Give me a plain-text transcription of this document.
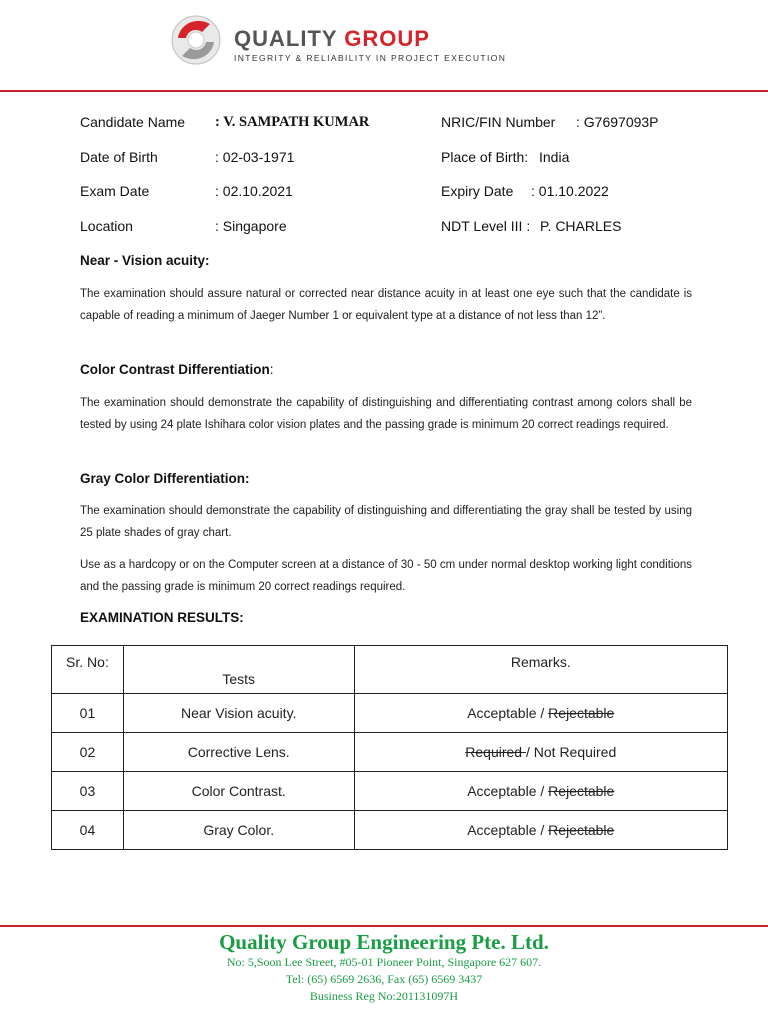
QUALITY GROUP
INTEGRITY & RELIABILITY IN PROJECT EXECUTION
Candidate Name : V. SAMPATH KUMAR	NRIC/FIN Number : G7697093P
Date of Birth	: 02-03-1971	Place of Birth: India
Exam Date	: 02.10.2021	Expiry Date : 01.10.2022
Location	: Singapore	NDT Level III : P. CHARLES
Near - Vision acuity:
The examination should assure natural or corrected near distance acuity in at least one eye such that the candidate is capable of reading a minimum of Jaeger Number 1 or equivalent type at a distance of not less than 12”.
Color Contrast Differentiation:
The examination should demonstrate the capability of distinguishing and differentiating contrast among colors shall be tested by using 24 plate Ishihara color vision plates and the passing grade is minimum 20 correct readings required.
Gray Color Differentiation:
The examination should demonstrate the capability of distinguishing and differentiating the gray shall be tested by using 25 plate shades of gray chart.
Use as a hardcopy or on the Computer screen at a distance of 30 - 50 cm under normal desktop working light conditions and the passing grade is minimum 20 correct readings required.
EXAMINATION RESULTS:
Sr. No:	Tests	Remarks.
01	Near Vision acuity.	Acceptable / Rejectable
02	Corrective Lens.	Required / Not Required
03	Color Contrast.	Acceptable / Rejectable
04	Gray Color.	Acceptable / Rejectable
Quality Group Engineering Pte. Ltd.
No: 5,Soon Lee Street, #05-01 Pioneer Point, Singapore 627 607.
Tel: (65) 6569 2636, Fax (65) 6569 3437
Business Reg No:201131097H
